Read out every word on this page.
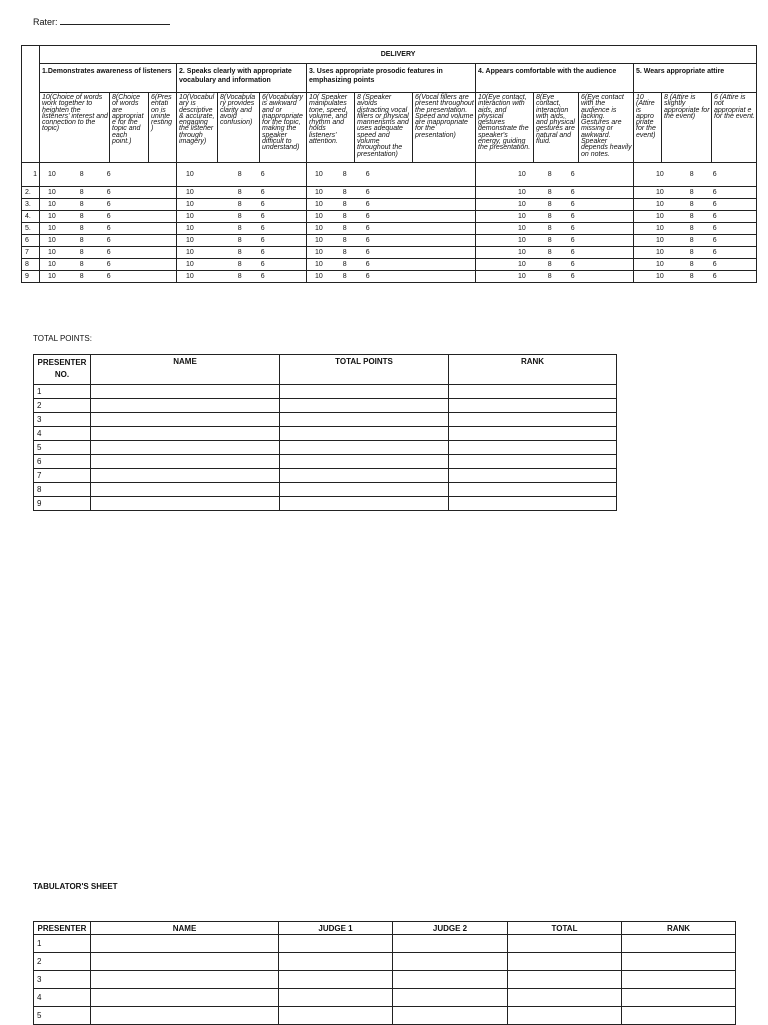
Rater:
	DELIVERY														
	1.Demonstrates awareness of listeners			2. Speaks clearly with appropriate vocabulary and information			3. Uses appropriate prosodic features in emphasizing points			4. Appears comfortable with the audience			5. Wears appropriate attire		
	10(Choice of words work together to heighten the listeners' interest and connection to the topic)	8(Choice of words are appropriat e for the topic and each point.)	6(Pres entati on is uninte resting )	10(Vocabul ary is descriptive & accurate, engaging the listener through imagery)	8(Vocabula ry provides clarity and avoid confusion)	6(Vocabulary is awkward and or inappropriate for the topic, making the speaker difficult to understand)	10( Speaker manipulates tone, speed, volume, and rhythm and holds listeners' attention.	8 (Speaker avoids distracting vocal fillers or physical mannerisms and uses adequate speed and volume throughout the presentation)	6(Vocal fillers are present throughout the presentation. Speed and volume are inappropriate for the presentation)	10(Eye contact, interaction with aids, and physical gestures demonstrate the speaker's energy, guiding the presentation.	8(Eye contact, interaction with aids, and physical gestures are natural and fluid.	6(Eye contact with the audience is lacking. Gestures are missing or awkward. Speaker depends heavily on notes.	10 (Attire is appro priate for the event)	8 (Attire is slightly appropriate for the event)	6 (Attire is not appropriat e for the event.
1	10 8 6			10 8 6			10 8 6			10 8 6			10 8 6		

2.	10 8 6			10 8 6			10 8 6			10 8 6			10 8 6		

3.	10 8 6			10 8 6			10 8 6			10 8 6			10 8 6		

4.	10 8 6			10 8 6			10 8 6			10 8 6			10 8 6		

5.	10 8 6			10 8 6			10 8 6			10 8 6			10 8 6		

6	10 8 6			10 8 6			10 8 6			10 8 6			10 8 6		

7	10 8 6			10 8 6			10 8 6			10 8 6			10 8 6		

8	10 8 6			10 8 6			10 8 6			10 8 6			10 8 6		

9	10 8 6			10 8 6			10 8 6			10 8 6			10 8 6		
TOTAL POINTS:
PRESENTER NO.	NAME	TOTAL POINTS	RANK
1			
2			
3			
4			
5			
6			
7			
8			
9			
TABULATOR'S SHEET
PRESENTER	NAME	JUDGE 1	JUDGE 2	TOTAL	RANK
1					
2					
3					
4					
5					
